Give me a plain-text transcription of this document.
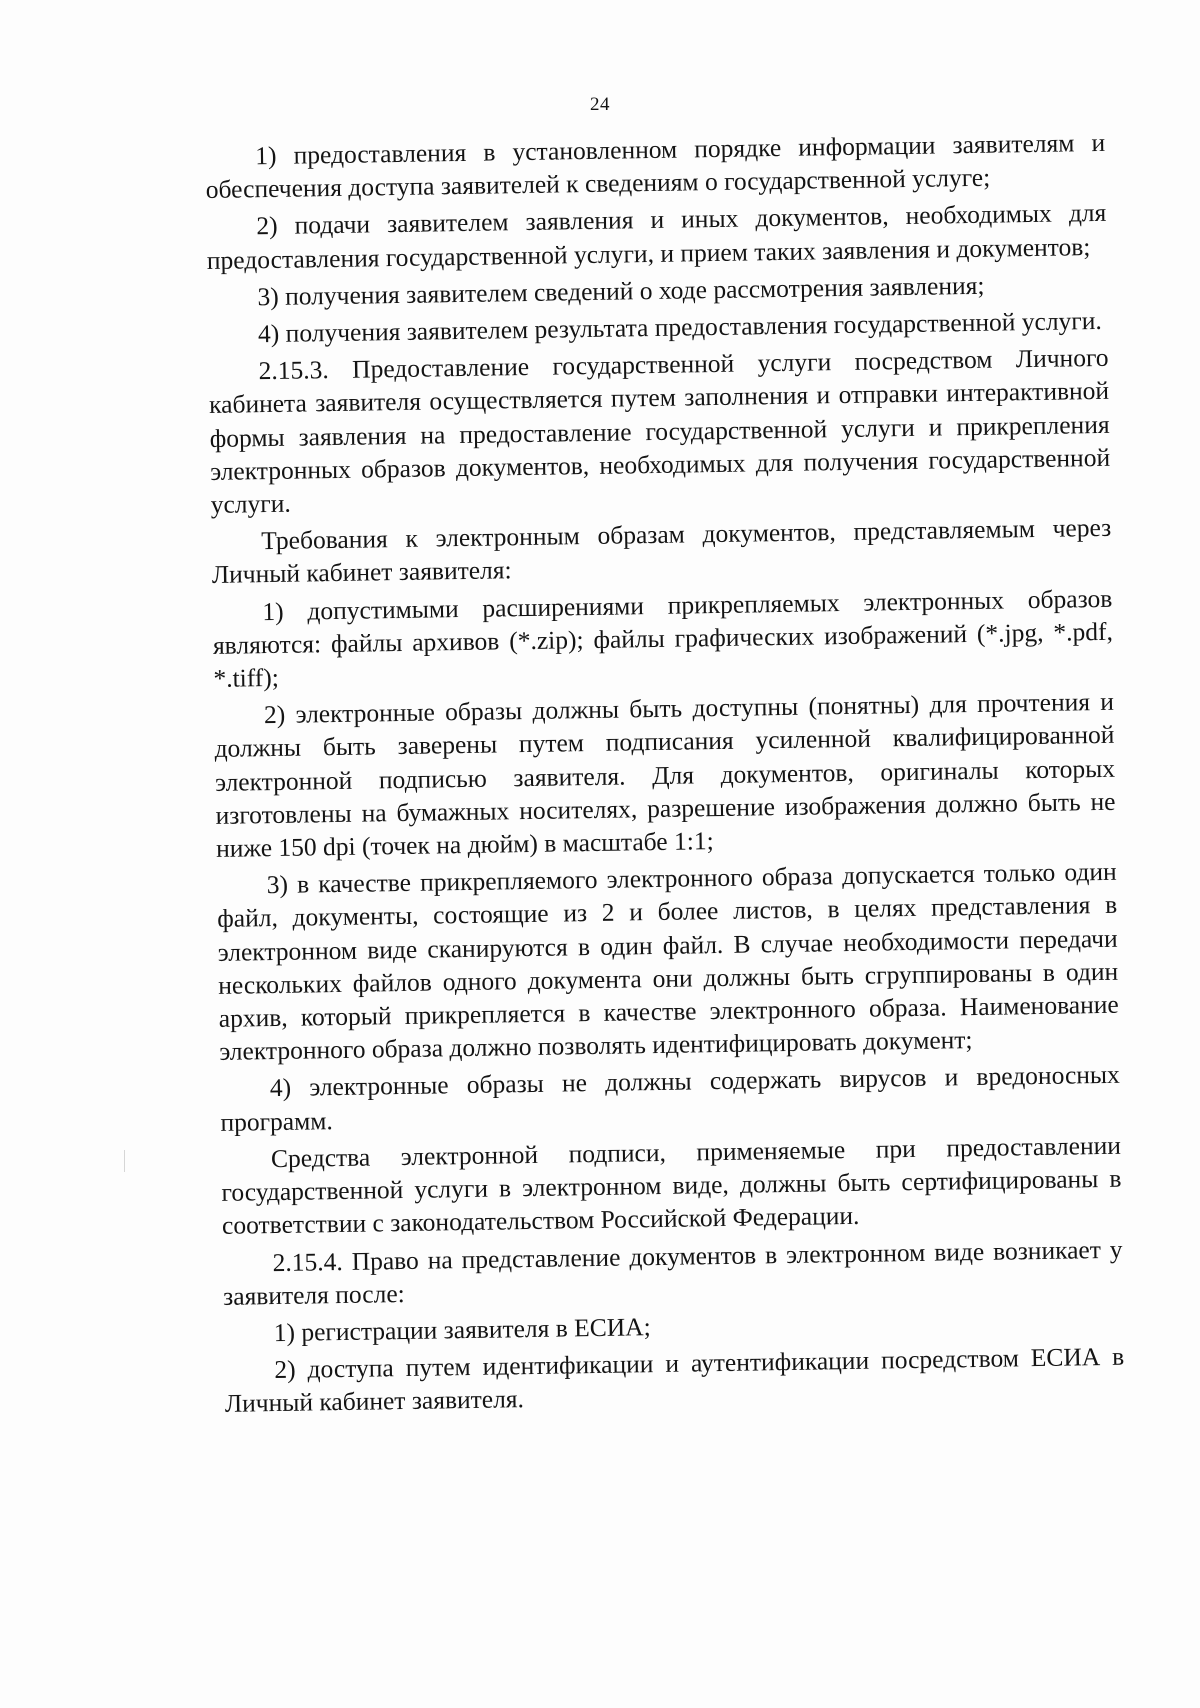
24

1) предоставления в установленном порядке информации заявителям и обеспечения доступа заявителей к сведениям о государственной услуге;

2) подачи заявителем заявления и иных документов, необходимых для предоставления государственной услуги, и прием таких заявления и документов;

3) получения заявителем сведений о ходе рассмотрения заявления;

4) получения заявителем результата предоставления государственной услуги.

2.15.3. Предоставление государственной услуги посредством Личного кабинета заявителя осуществляется путем заполнения и отправки интерактивной формы заявления на предоставление государственной услуги и прикрепления электронных образов документов, необходимых для получения государственной услуги.

Требования к электронным образам документов, представляемым через Личный кабинет заявителя:

1) допустимыми расширениями прикрепляемых электронных образов являются: файлы архивов (*.zip); файлы графических изображений (*.jpg, *.pdf, *.tiff);

2) электронные образы должны быть доступны (понятны) для прочтения и должны быть заверены путем подписания усиленной квалифицированной электронной подписью заявителя. Для документов, оригиналы которых изготовлены на бумажных носителях, разрешение изображения должно быть не ниже 150 dpi (точек на дюйм) в масштабе 1:1;

3) в качестве прикрепляемого электронного образа допускается только один файл, документы, состоящие из 2 и более листов, в целях представления в электронном виде сканируются в один файл. В случае необходимости передачи нескольких файлов одного документа они должны быть сгруппированы в один архив, который прикрепляется в качестве электронного образа. Наименование электронного образа должно позволять идентифицировать документ;

4) электронные образы не должны содержать вирусов и вредоносных программ.

Средства электронной подписи, применяемые при предоставлении государственной услуги в электронном виде, должны быть сертифицированы в соответствии с законодательством Российской Федерации.

2.15.4. Право на представление документов в электронном виде возникает у заявителя после:

1) регистрации заявителя в ЕСИА;

2) доступа путем идентификации и аутентификации посредством ЕСИА в Личный кабинет заявителя.
